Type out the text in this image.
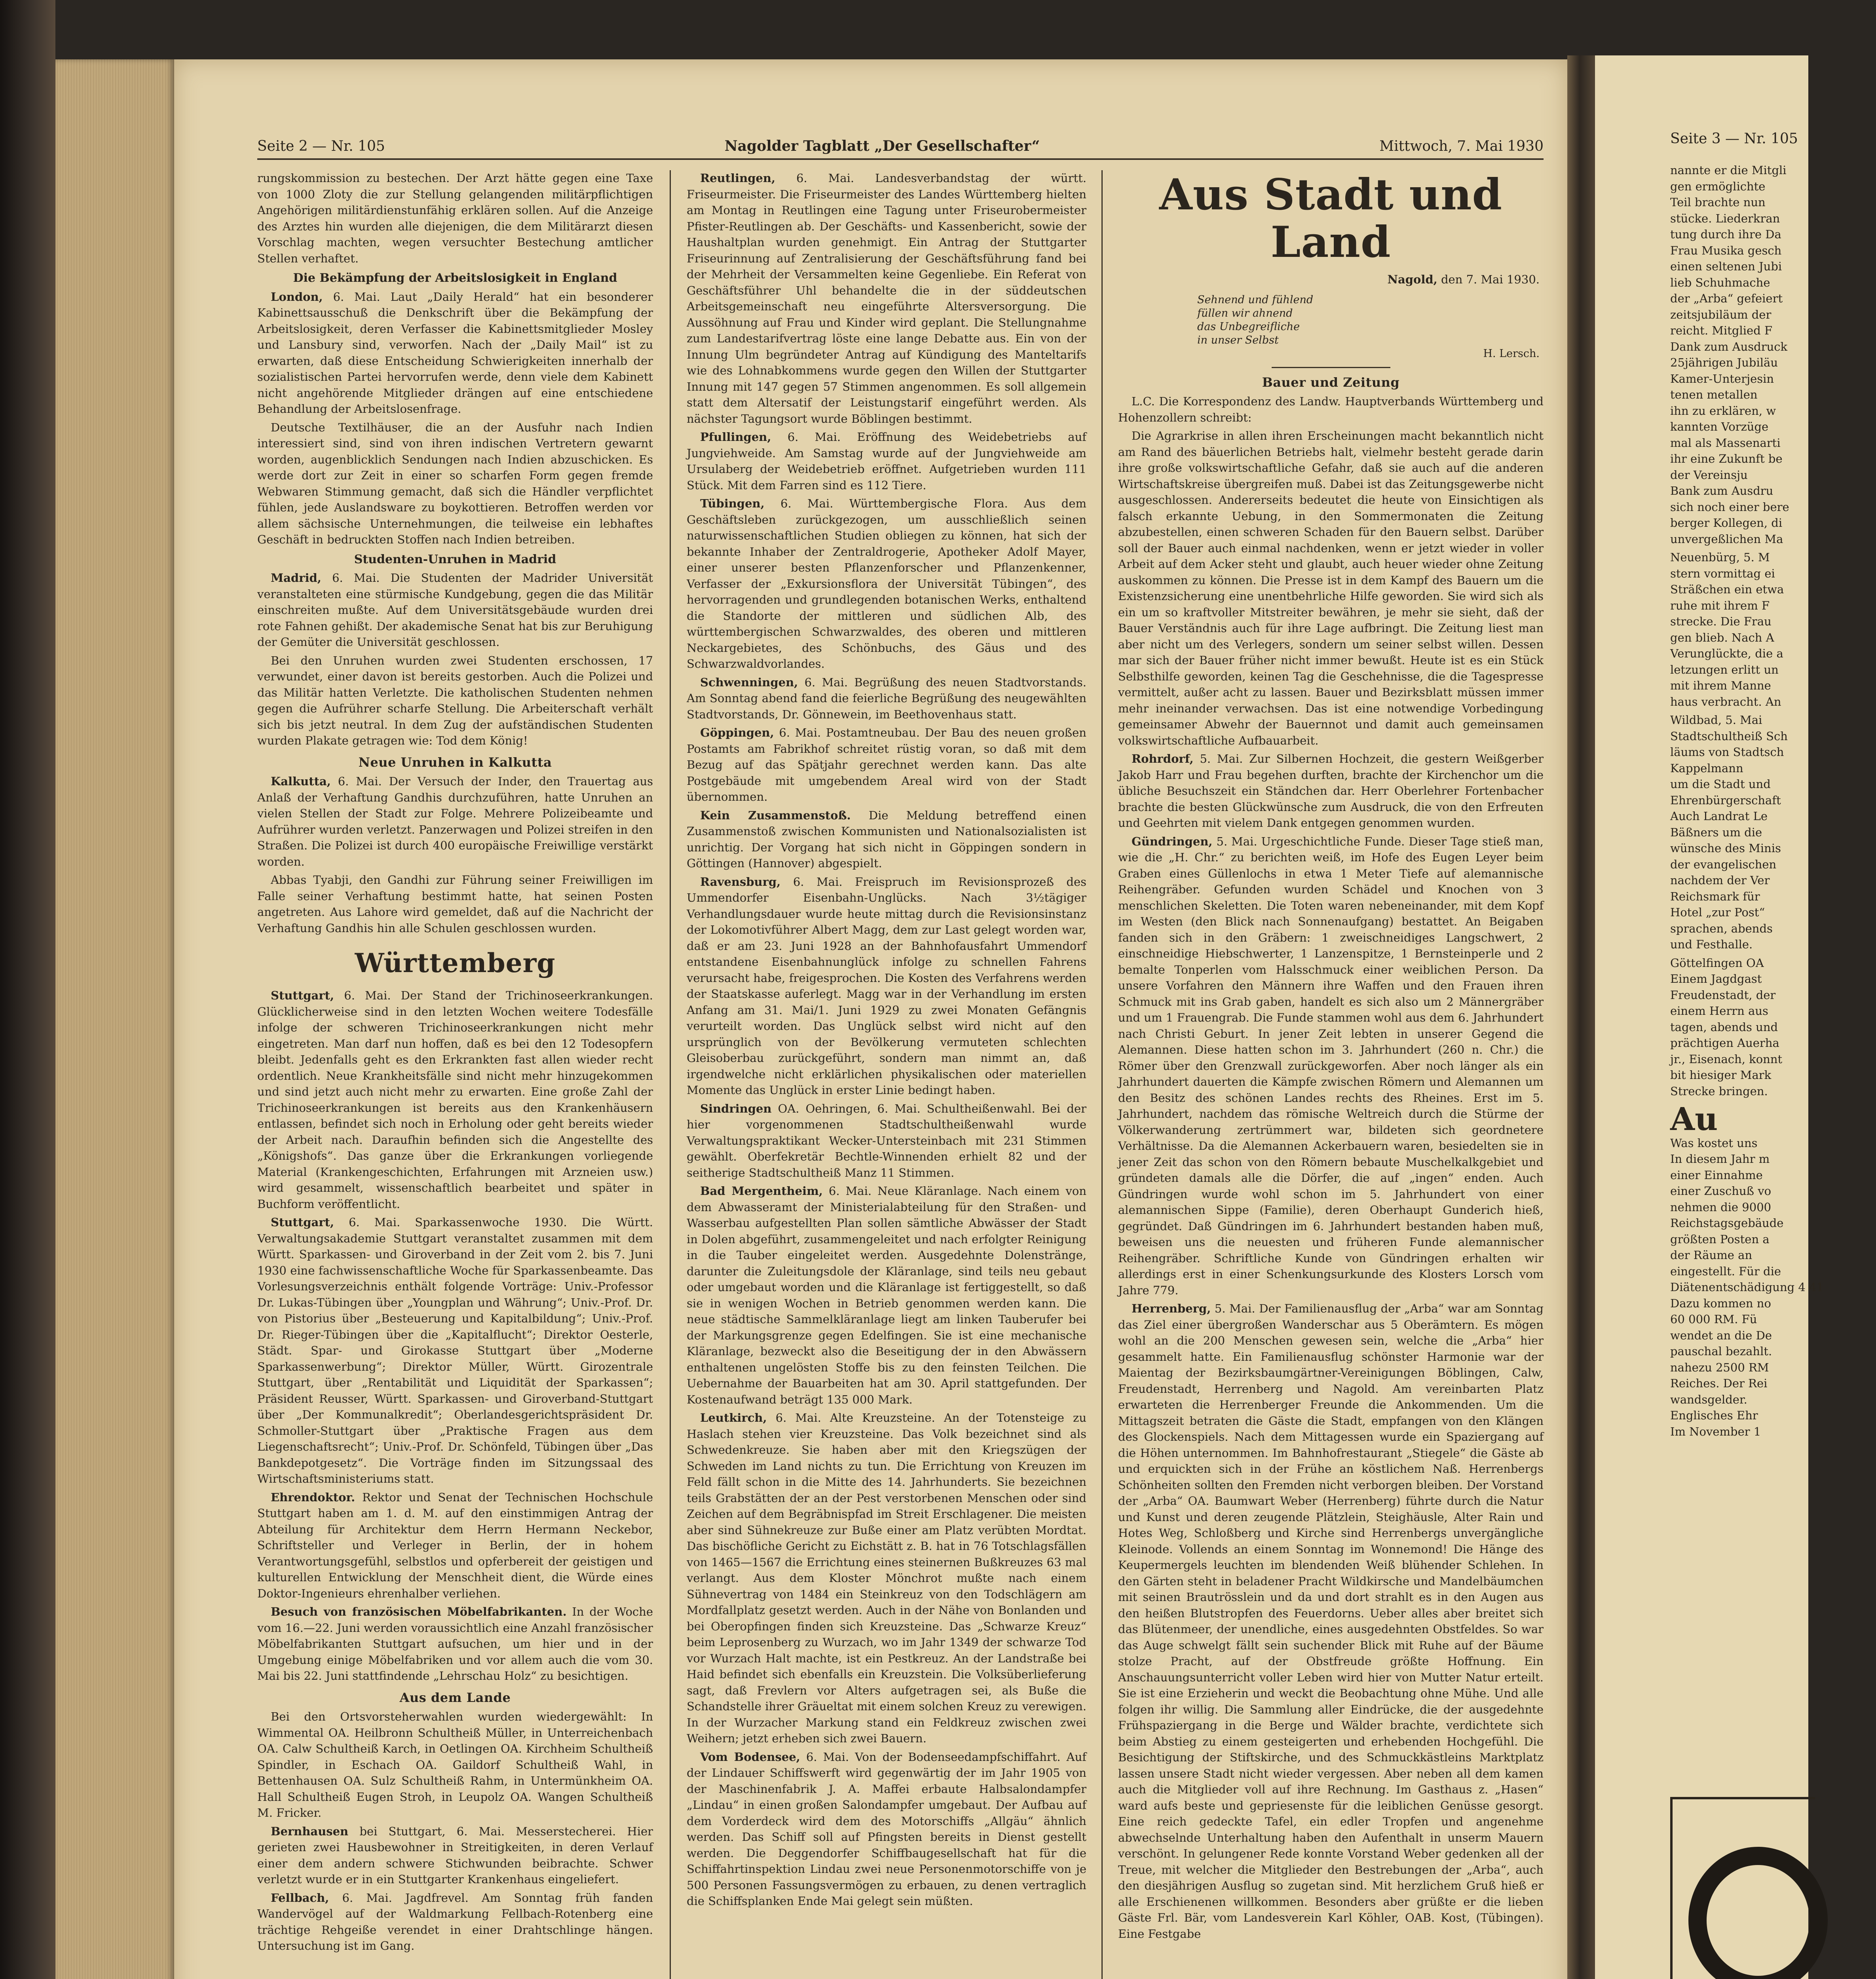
Seite 2 — Nr. 105	Nagolder Tagblatt „Der Gesellschafter“	Mittwoch, 7. Mai 1930

rungskommission zu bestechen. Der Arzt hätte gegen eine Taxe von 1000 Zloty die zur Stellung gelangenden militärpflichtigen Angehörigen militärdienstunfähig erklären sollen. Auf die Anzeige des Arztes hin wurden alle diejenigen, die dem Militärarzt diesen Vorschlag machten, wegen versuchter Bestechung amtlicher Stellen verhaftet.

Die Bekämpfung der Arbeitslosigkeit in England

London, 6. Mai. Laut „Daily Herald“ hat ein besonderer Kabinettsausschuß die Denkschrift über die Bekämpfung der Arbeitslosigkeit, deren Verfasser die Kabinettsmitglieder Mosley und Lansbury sind, verworfen. Nach der „Daily Mail“ ist zu erwarten, daß diese Entscheidung Schwierigkeiten innerhalb der sozialistischen Partei hervorrufen werde, denn viele dem Kabinett nicht angehörende Mitglieder drängen auf eine entschiedene Behandlung der Arbeitslosenfrage.

Deutsche Textilhäuser, die an der Ausfuhr nach Indien interessiert sind, sind von ihren indischen Vertretern gewarnt worden, augenblicklich Sendungen nach Indien abzuschicken. Es werde dort zur Zeit in einer so scharfen Form gegen fremde Webwaren Stimmung gemacht, daß sich die Händler verpflichtet fühlen, jede Auslandsware zu boykottieren. Betroffen werden vor allem sächsische Unternehmungen, die teilweise ein lebhaftes Geschäft in bedruckten Stoffen nach Indien betreiben.

Studenten-Unruhen in Madrid

Madrid, 6. Mai. Die Studenten der Madrider Universität veranstalteten eine stürmische Kundgebung, gegen die das Militär einschreiten mußte. Auf dem Universitätsgebäude wurden drei rote Fahnen gehißt. Der akademische Senat hat bis zur Beruhigung der Gemüter die Universität geschlossen.

Bei den Unruhen wurden zwei Studenten erschossen, 17 verwundet, einer davon ist bereits gestorben. Auch die Polizei und das Militär hatten Verletzte. Die katholischen Studenten nehmen gegen die Aufrührer scharfe Stellung. Die Arbeiterschaft verhält sich bis jetzt neutral. In dem Zug der aufständischen Studenten wurden Plakate getragen wie: Tod dem König!

Neue Unruhen in Kalkutta

Kalkutta, 6. Mai. Der Versuch der Inder, den Trauertag aus Anlaß der Verhaftung Gandhis durchzuführen, hatte Unruhen an vielen Stellen der Stadt zur Folge. Mehrere Polizeibeamte und Aufrührer wurden verletzt. Panzerwagen und Polizei streifen in den Straßen. Die Polizei ist durch 400 europäische Freiwillige verstärkt worden.

Abbas Tyabji, den Gandhi zur Führung seiner Freiwilligen im Falle seiner Verhaftung bestimmt hatte, hat seinen Posten angetreten. Aus Lahore wird gemeldet, daß auf die Nachricht der Verhaftung Gandhis hin alle Schulen geschlossen wurden.

Württemberg

Stuttgart, 6. Mai. Der Stand der Trichinoseerkrankungen. Glücklicherweise sind in den letzten Wochen weitere Todesfälle infolge der schweren Trichinoseerkrankungen nicht mehr eingetreten. Man darf nun hoffen, daß es bei den 12 Todesopfern bleibt. Jedenfalls geht es den Erkrankten fast allen wieder recht ordentlich. Neue Krankheitsfälle sind nicht mehr hinzugekommen und sind jetzt auch nicht mehr zu erwarten. Eine große Zahl der Trichinoseerkrankungen ist bereits aus den Krankenhäusern entlassen, befindet sich noch in Erholung oder geht bereits wieder der Arbeit nach. Daraufhin befinden sich die Angestellte des „Königshofs“. Das ganze über die Erkrankungen vorliegende Material (Krankengeschichten, Erfahrungen mit Arzneien usw.) wird gesammelt, wissenschaftlich bearbeitet und später in Buchform veröffentlicht.

Stuttgart, 6. Mai. Sparkassenwoche 1930. Die Württ. Verwaltungsakademie Stuttgart veranstaltet zusammen mit dem Württ. Sparkassen- und Giroverband in der Zeit vom 2. bis 7. Juni 1930 eine fachwissenschaftliche Woche für Sparkassenbeamte. Das Vorlesungsverzeichnis enthält folgende Vorträge: Univ.-Professor Dr. Lukas-Tübingen über „Youngplan und Währung“; Univ.-Prof. Dr. von Pistorius über „Besteuerung und Kapitalbildung“; Univ.-Prof. Dr. Rieger-Tübingen über die „Kapitalflucht“; Direktor Oesterle, Städt. Spar- und Girokasse Stuttgart über „Moderne Sparkassenwerbung“; Direktor Müller, Württ. Girozentrale Stuttgart, über „Rentabilität und Liquidität der Sparkassen“; Präsident Reusser, Württ. Sparkassen- und Giroverband-Stuttgart über „Der Kommunalkredit“; Oberlandesgerichtspräsident Dr. Schmoller-Stuttgart über „Praktische Fragen aus dem Liegenschaftsrecht“; Univ.-Prof. Dr. Schönfeld, Tübingen über „Das Bankdepotgesetz“. Die Vorträge finden im Sitzungssaal des Wirtschaftsministeriums statt.

Ehrendoktor. Rektor und Senat der Technischen Hochschule Stuttgart haben am 1. d. M. auf den einstimmigen Antrag der Abteilung für Architektur dem Herrn Hermann Neckebor, Schriftsteller und Verleger in Berlin, der in hohem Verantwortungsgefühl, selbstlos und opferbereit der geistigen und kulturellen Entwicklung der Menschheit dient, die Würde eines Doktor-Ingenieurs ehrenhalber verliehen.

Besuch von französischen Möbelfabrikanten. In der Woche vom 16.—22. Juni werden voraussichtlich eine Anzahl französischer Möbelfabrikanten Stuttgart aufsuchen, um hier und in der Umgebung einige Möbelfabriken und vor allem auch die vom 30. Mai bis 22. Juni stattfindende „Lehrschau Holz“ zu besichtigen.

Aus dem Lande

Bei den Ortsvorsteherwahlen wurden wiedergewählt: In Wimmental OA. Heilbronn Schultheiß Müller, in Unterreichenbach OA. Calw Schultheiß Karch, in Oetlingen OA. Kirchheim Schultheiß Spindler, in Eschach OA. Gaildorf Schultheiß Wahl, in Bettenhausen OA. Sulz Schultheiß Rahm, in Untermünkheim OA. Hall Schultheiß Eugen Stroh, in Leupolz OA. Wangen Schultheiß M. Fricker.

Bernhausen bei Stuttgart, 6. Mai. Messerstecherei. Hier gerieten zwei Hausbewohner in Streitigkeiten, in deren Verlauf einer dem andern schwere Stichwunden beibrachte. Schwer verletzt wurde er in ein Stuttgarter Krankenhaus eingeliefert.

Fellbach, 6. Mai. Jagdfrevel. Am Sonntag früh fanden Wandervögel auf der Waldmarkung Fellbach-Rotenberg eine trächtige Rehgeiße verendet in einer Drahtschlinge hängen. Untersuchung ist im Gang.

Reutlingen, 6. Mai. Landesverbandstag der württ. Friseurmeister. Die Friseurmeister des Landes Württemberg hielten am Montag in Reutlingen eine Tagung unter Friseurobermeister Pfister-Reutlingen ab. Der Geschäfts- und Kassenbericht, sowie der Haushaltplan wurden genehmigt. Ein Antrag der Stuttgarter Friseurinnung auf Zentralisierung der Geschäftsführung fand bei der Mehrheit der Versammelten keine Gegenliebe. Ein Referat von Geschäftsführer Uhl behandelte die in der süddeutschen Arbeitsgemeinschaft neu eingeführte Altersversorgung. Die Aussöhnung auf Frau und Kinder wird geplant. Die Stellungnahme zum Landestarifvertrag löste eine lange Debatte aus. Ein von der Innung Ulm begründeter Antrag auf Kündigung des Manteltarifs wie des Lohnabkommens wurde gegen den Willen der Stuttgarter Innung mit 147 gegen 57 Stimmen angenommen. Es soll allgemein statt dem Altersatif der Leistungstarif eingeführt werden. Als nächster Tagungsort wurde Böblingen bestimmt.

Pfullingen, 6. Mai. Eröffnung des Weidebetriebs auf Jungviehweide. Am Samstag wurde auf der Jungviehweide am Ursulaberg der Weidebetrieb eröffnet. Aufgetrieben wurden 111 Stück. Mit dem Farren sind es 112 Tiere.

Tübingen, 6. Mai. Württembergische Flora. Aus dem Geschäftsleben zurückgezogen, um ausschließlich seinen naturwissenschaftlichen Studien obliegen zu können, hat sich der bekannte Inhaber der Zentraldrogerie, Apotheker Adolf Mayer, einer unserer besten Pflanzenforscher und Pflanzenkenner, Verfasser der „Exkursionsflora der Universität Tübingen“, des hervorragenden und grundlegenden botanischen Werks, enthaltend die Standorte der mittleren und südlichen Alb, des württembergischen Schwarzwaldes, des oberen und mittleren Neckargebietes, des Schönbuchs, des Gäus und des Schwarzwaldvorlandes.

Schwenningen, 6. Mai. Begrüßung des neuen Stadtvorstands. Am Sonntag abend fand die feierliche Begrüßung des neugewählten Stadtvorstands, Dr. Gönnewein, im Beethovenhaus statt.

Göppingen, 6. Mai. Postamtneubau. Der Bau des neuen großen Postamts am Fabrikhof schreitet rüstig voran, so daß mit dem Bezug auf das Spätjahr gerechnet werden kann. Das alte Postgebäude mit umgebendem Areal wird von der Stadt übernommen.

Kein Zusammenstoß. Die Meldung betreffend einen Zusammenstoß zwischen Kommunisten und Nationalsozialisten ist unrichtig. Der Vorgang hat sich nicht in Göppingen sondern in Göttingen (Hannover) abgespielt.

Ravensburg, 6. Mai. Freispruch im Revisionsprozeß des Ummendorfer Eisenbahn-Unglücks. Nach 3½tägiger Verhandlungsdauer wurde heute mittag durch die Revisionsinstanz der Lokomotivführer Albert Magg, dem zur Last gelegt worden war, daß er am 23. Juni 1928 an der Bahnhofausfahrt Ummendorf entstandene Eisenbahnunglück infolge zu schnellen Fahrens verursacht habe, freigesprochen. Die Kosten des Verfahrens werden der Staatskasse auferlegt. Magg war in der Verhandlung im ersten Anfang am 31. Mai/1. Juni 1929 zu zwei Monaten Gefängnis verurteilt worden. Das Unglück selbst wird nicht auf den ursprünglich von der Bevölkerung vermuteten schlechten Gleisoberbau zurückgeführt, sondern man nimmt an, daß irgendwelche nicht erklärlichen physikalischen oder materiellen Momente das Unglück in erster Linie bedingt haben.

Sindringen OA. Oehringen, 6. Mai. Schultheißenwahl. Bei der hier vorgenommenen Stadtschultheißenwahl wurde Verwaltungspraktikant Wecker-Untersteinbach mit 231 Stimmen gewählt. Oberfekretär Bechtle-Winnenden erhielt 82 und der seitherige Stadtschultheiß Manz 11 Stimmen.

Bad Mergentheim, 6. Mai. Neue Kläranlage. Nach einem von dem Abwasseramt der Ministerialabteilung für den Straßen- und Wasserbau aufgestellten Plan sollen sämtliche Abwässer der Stadt in Dolen abgeführt, zusammengeleitet und nach erfolgter Reinigung in die Tauber eingeleitet werden. Ausgedehnte Dolenstränge, darunter die Zuleitungsdole der Kläranlage, sind teils neu gebaut oder umgebaut worden und die Kläranlage ist fertiggestellt, so daß sie in wenigen Wochen in Betrieb genommen werden kann. Die neue städtische Sammelkläranlage liegt am linken Tauberufer bei der Markungsgrenze gegen Edelfingen. Sie ist eine mechanische Kläranlage, bezweckt also die Beseitigung der in den Abwässern enthaltenen ungelösten Stoffe bis zu den feinsten Teilchen. Die Uebernahme der Bauarbeiten hat am 30. April stattgefunden. Der Kostenaufwand beträgt 135 000 Mark.

Leutkirch, 6. Mai. Alte Kreuzsteine. An der Totensteige zu Haslach stehen vier Kreuzsteine. Das Volk bezeichnet sind als Schwedenkreuze. Sie haben aber mit den Kriegszügen der Schweden im Land nichts zu tun. Die Errichtung von Kreuzen im Feld fällt schon in die Mitte des 14. Jahrhunderts. Sie bezeichnen teils Grabstätten der an der Pest verstorbenen Menschen oder sind Zeichen auf dem Begräbnispfad im Streit Erschlagener. Die meisten aber sind Sühnekreuze zur Buße einer am Platz verübten Mordtat. Das bischöfliche Gericht zu Eichstätt z. B. hat in 76 Totschlagsfällen von 1465—1567 die Errichtung eines steinernen Bußkreuzes 63 mal verlangt. Aus dem Kloster Mönchrot mußte nach einem Sühnevertrag von 1484 ein Steinkreuz von den Todschlägern am Mordfallplatz gesetzt werden. Auch in der Nähe von Bonlanden und bei Oberopfingen finden sich Kreuzsteine. Das „Schwarze Kreuz“ beim Leprosenberg zu Wurzach, wo im Jahr 1349 der schwarze Tod vor Wurzach Halt machte, ist ein Pestkreuz. An der Landstraße bei Haid befindet sich ebenfalls ein Kreuzstein. Die Volksüberlieferung sagt, daß Frevlern vor Alters aufgetragen sei, als Buße die Schandstelle ihrer Gräueltat mit einem solchen Kreuz zu verewigen. In der Wurzacher Markung stand ein Feldkreuz zwischen zwei Weihern; jetzt erheben sich zwei Bauern.

Vom Bodensee, 6. Mai. Von der Bodenseedampfschiffahrt. Auf der Lindauer Schiffswerft wird gegenwärtig der im Jahr 1905 von der Maschinenfabrik J. A. Maffei erbaute Halbsalondampfer „Lindau“ in einen großen Salondampfer umgebaut. Der Aufbau auf dem Vorderdeck wird dem des Motorschiffs „Allgäu“ ähnlich werden. Das Schiff soll auf Pfingsten bereits in Dienst gestellt werden. Die Deggendorfer Schiffbaugesellschaft hat für die Schiffahrtinspektion Lindau zwei neue Personenmotorschiffe von je 500 Personen Fassungsvermögen zu erbauen, zu denen vertraglich die Schiffsplanken Ende Mai gelegt sein müßten.

Aus Stadt und Land
Nagold, den 7. Mai 1930.
Sehnend und fühlend
füllen wir ahnend
das Unbegreifliche
in unser Selbst
H. Lersch.
Bauer und Zeitung

L.C. Die Korrespondenz des Landw. Hauptverbands Württemberg und Hohenzollern schreibt:

Die Agrarkrise in allen ihren Erscheinungen macht bekanntlich nicht am Rand des bäuerlichen Betriebs halt, vielmehr besteht gerade darin ihre große volkswirtschaftliche Gefahr, daß sie auch auf die anderen Wirtschaftskreise übergreifen muß. Dabei ist das Zeitungsgewerbe nicht ausgeschlossen. Andererseits bedeutet die heute von Einsichtigen als falsch erkannte Uebung, in den Sommermonaten die Zeitung abzubestellen, einen schweren Schaden für den Bauern selbst. Darüber soll der Bauer auch einmal nachdenken, wenn er jetzt wieder in voller Arbeit auf dem Acker steht und glaubt, auch heuer wieder ohne Zeitung auskommen zu können. Die Presse ist in dem Kampf des Bauern um die Existenzsicherung eine unentbehrliche Hilfe geworden. Sie wird sich als ein um so kraftvoller Mitstreiter bewähren, je mehr sie sieht, daß der Bauer Verständnis auch für ihre Lage aufbringt. Die Zeitung liest man aber nicht um des Verlegers, sondern um seiner selbst willen. Dessen mar sich der Bauer früher nicht immer bewußt. Heute ist es ein Stück Selbsthilfe geworden, keinen Tag die Geschehnisse, die die Tagespresse vermittelt, außer acht zu lassen. Bauer und Bezirksblatt müssen immer mehr ineinander verwachsen. Das ist eine notwendige Vorbedingung gemeinsamer Abwehr der Bauernnot und damit auch gemeinsamen volkswirtschaftliche Aufbauarbeit.

Rohrdorf, 5. Mai. Zur Silbernen Hochzeit, die gestern Weißgerber Jakob Harr und Frau begehen durften, brachte der Kirchenchor um die übliche Besuchszeit ein Ständchen dar. Herr Oberlehrer Fortenbacher brachte die besten Glückwünsche zum Ausdruck, die von den Erfreuten und Geehrten mit vielem Dank entgegen genommen wurden.

Gündringen, 5. Mai. Urgeschichtliche Funde. Dieser Tage stieß man, wie die „H. Chr.“ zu berichten weiß, im Hofe des Eugen Leyer beim Graben eines Güllenlochs in etwa 1 Meter Tiefe auf alemannische Reihengräber. Gefunden wurden Schädel und Knochen von 3 menschlichen Skeletten. Die Toten waren nebeneinander, mit dem Kopf im Westen (den Blick nach Sonnenaufgang) bestattet. An Beigaben fanden sich in den Gräbern: 1 zweischneidiges Langschwert, 2 einschneidige Hiebschwerter, 1 Lanzenspitze, 1 Bernsteinperle und 2 bemalte Tonperlen vom Halsschmuck einer weiblichen Person. Da unsere Vorfahren den Männern ihre Waffen und den Frauen ihren Schmuck mit ins Grab gaben, handelt es sich also um 2 Männergräber und um 1 Frauengrab. Die Funde stammen wohl aus dem 6. Jahrhundert nach Christi Geburt. In jener Zeit lebten in unserer Gegend die Alemannen. Diese hatten schon im 3. Jahrhundert (260 n. Chr.) die Römer über den Grenzwall zurückgeworfen. Aber noch länger als ein Jahrhundert dauerten die Kämpfe zwischen Römern und Alemannen um den Besitz des schönen Landes rechts des Rheines. Erst im 5. Jahrhundert, nachdem das römische Weltreich durch die Stürme der Völkerwanderung zertrümmert war, bildeten sich geordnetere Verhältnisse. Da die Alemannen Ackerbauern waren, besiedelten sie in jener Zeit das schon von den Römern bebaute Muschelkalkgebiet und gründeten damals alle die Dörfer, die auf „ingen“ enden. Auch Gündringen wurde wohl schon im 5. Jahrhundert von einer alemannischen Sippe (Familie), deren Oberhaupt Gunderich hieß, gegründet. Daß Gündringen im 6. Jahrhundert bestanden haben muß, beweisen uns die neuesten und früheren Funde alemannischer Reihengräber. Schriftliche Kunde von Gündringen erhalten wir allerdings erst in einer Schenkungsurkunde des Klosters Lorsch vom Jahre 779.

Herrenberg, 5. Mai. Der Familienausflug der „Arba“ war am Sonntag das Ziel einer übergroßen Wanderschar aus 5 Oberämtern. Es mögen wohl an die 200 Menschen gewesen sein, welche die „Arba“ hier gesammelt hatte. Ein Familienausflug schönster Harmonie war der Maientag der Bezirksbaumgärtner-Vereinigungen Böblingen, Calw, Freudenstadt, Herrenberg und Nagold. Am vereinbarten Platz erwarteten die Herrenberger Freunde die Ankommenden. Um die Mittagszeit betraten die Gäste die Stadt, empfangen von den Klängen des Glockenspiels. Nach dem Mittagessen wurde ein Spaziergang auf die Höhen unternommen. Im Bahnhofrestaurant „Stiegele“ die Gäste ab und erquickten sich in der Frühe an köstlichem Naß. Herrenbergs Schönheiten sollten den Fremden nicht verborgen bleiben. Der Vorstand der „Arba“ OA. Baumwart Weber (Herrenberg) führte durch die Natur und Kunst und deren zeugende Plätzlein, Steighäusle, Alter Rain und Hotes Weg, Schloßberg und Kirche sind Herrenbergs unvergängliche Kleinode. Vollends an einem Sonntag im Wonnemond! Die Hänge des Keupermergels leuchten im blendenden Weiß blühender Schlehen. In den Gärten steht in beladener Pracht Wildkirsche und Mandelbäumchen mit seinen Brautrösslein und da und dort strahlt es in den Augen aus den heißen Blutstropfen des Feuerdorns. Ueber alles aber breitet sich das Blütenmeer, der unendliche, eines ausgedehnten Obstfeldes. So war das Auge schwelgt fällt sein suchender Blick mit Ruhe auf der Bäume stolze Pracht, auf der Obstfreude größte Hoffnung. Ein Anschauungsunterricht voller Leben wird hier von Mutter Natur erteilt. Sie ist eine Erzieherin und weckt die Beobachtung ohne Mühe. Und alle folgen ihr willig. Die Sammlung aller Eindrücke, die der ausgedehnte Frühspaziergang in die Berge und Wälder brachte, verdichtete sich beim Abstieg zu einem gesteigerten und erhebenden Hochgefühl. Die Besichtigung der Stiftskirche, und des Schmuckkästleins Marktplatz lassen unsere Stadt nicht wieder vergessen. Aber neben all dem kamen auch die Mitglieder voll auf ihre Rechnung. Im Gasthaus z. „Hasen“ ward aufs beste und gepriesenste für die leiblichen Genüsse gesorgt. Eine reich gedeckte Tafel, ein edler Tropfen und angenehme abwechselnde Unterhaltung haben den Aufenthalt in unserm Mauern verschönt. In gelungener Rede konnte Vorstand Weber gedenken all der Treue, mit welcher die Mitglieder den Bestrebungen der „Arba“, auch den diesjährigen Ausflug so zugetan sind. Mit herzlichem Gruß hieß er alle Erschienenen willkommen. Besonders aber grüßte er die lieben Gäste Frl. Bär, vom Landesverein Karl Köhler, OAB. Kost, (Tübingen). Eine Festgabe

Seite 3 — Nr. 105
nannte er die Mitgli
gen ermöglichte
Teil brachte nun
stücke. Liederkran
tung durch ihre Da
Frau Musika gesch
einen seltenen Jubi
lieb Schuhmache
der „Arba“ gefeiert
zeitsjubiläum der
reicht. Mitglied F
Dank zum Ausdruck
25jährigen Jubiläu
Kamer-Unterjesin
tenen metallen
ihn zu erklären, w
kannten Vorzüge
mal als Massenarti
ihr eine Zukunft be
der Vereinsju
Bank zum Ausdru
sich noch einer bere
berger Kollegen, di
unvergeßlichen Ma

Neuenbürg, 5. M
stern vormittag ei
Sträßchen ein etwa
ruhe mit ihrem F
strecke. Die Frau
gen blieb. Nach A
Verunglückte, die a
letzungen erlitt un
mit ihrem Manne
haus verbracht. An

Wildbad, 5. Mai
Stadtschultheiß Sch
läums von Stadtsch
Kappelmann
um die Stadt und
Ehrenbürgerschaft
Auch Landrat Le
Bäßners um die
wünsche des Minis
der evangelischen
nachdem der Ver
Reichsmark für
Hotel „zur Post“
sprachen, abends
und Festhalle.

Göttelfingen OA
Einem Jagdgast
Freudenstadt, der
einem Herrn aus
tagen, abends und
prächtigen Auerha
jr., Eisenach, konnt
bit hiesiger Mark
Strecke bringen.
Au
Was kostet uns
In diesem Jahr m
einer Einnahme
einer Zuschuß vo
nehmen die 9000
Reichstagsgebäude
größten Posten a
der Räume an
eingestellt. Für die
Diätenentschädigung 4 41
Dazu kommen no
60 000 RM. Fü
wendet an die De
pauschal bezahlt.
nahezu 2500 RM
Reiches. Der Rei
wandsgelder.
Englisches Ehr
Im November 1
